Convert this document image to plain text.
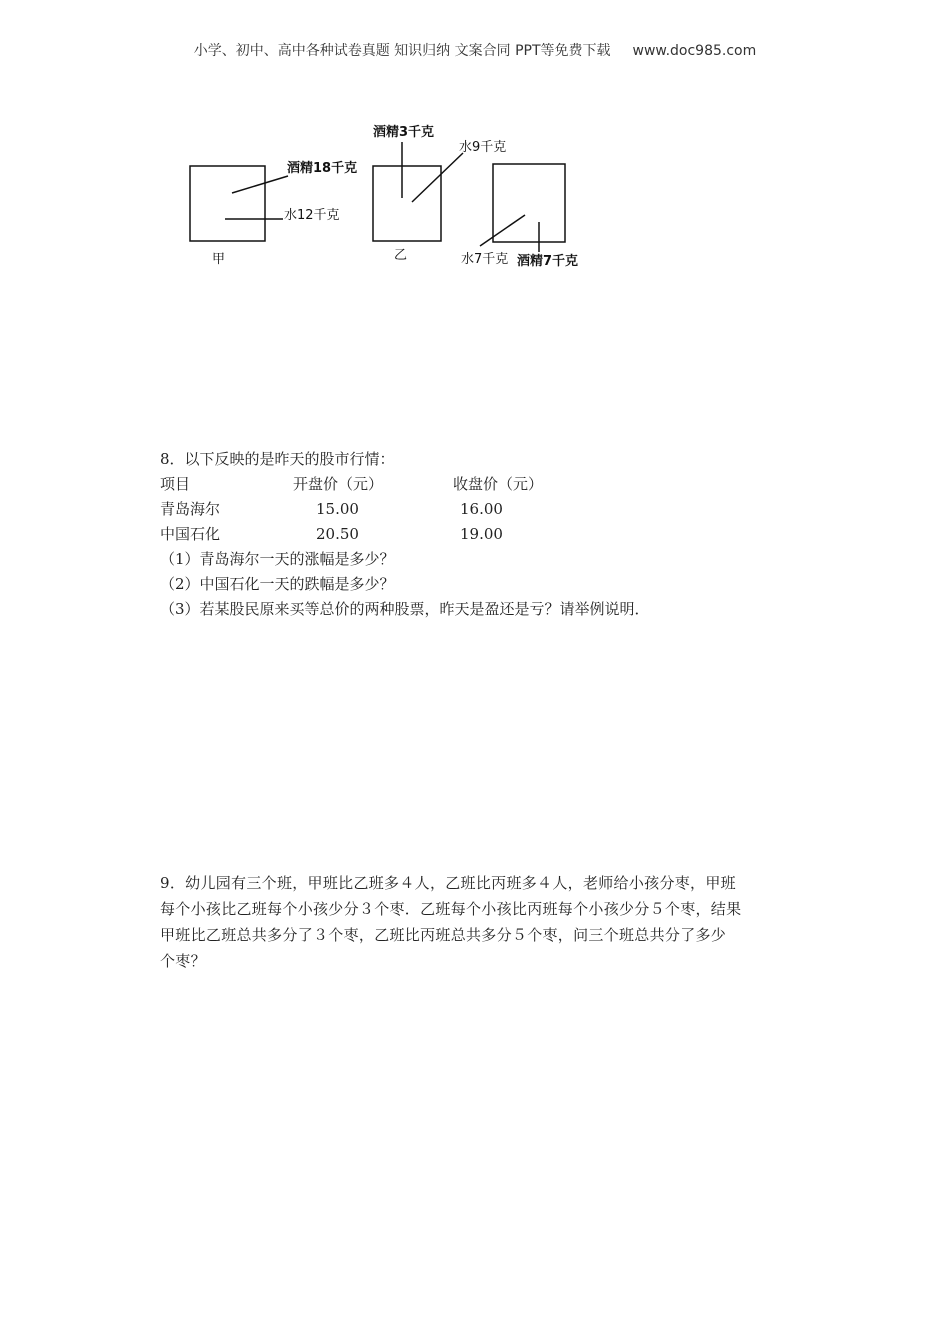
小学、初中、高中各种试卷真题 知识归纳 文案合同 PPT等免费下载 www.doc985.com
酒精18千克
水12千克
甲
酒精3千克
水9千克
乙	水7千克 酒精7千克
8．以下反映的是昨天的股市行情：
项目	开盘价（元）	收盘价（元）
青岛海尔	15.00	16.00
中国石化	20.50	19.00
（1）青岛海尔一天的涨幅是多少？
（2）中国石化一天的跌幅是多少？
（3）若某股民原来买等总价的两种股票，昨天是盈还是亏？请举例说明．

9．幼儿园有三个班，甲班比乙班多４人，乙班比丙班多４人，老师给小孩分枣，甲班

每个小孩比乙班每个小孩少分３个枣．乙班每个小孩比丙班每个小孩少分５个枣，结果

甲班比乙班总共多分了３个枣，乙班比丙班总共多分５个枣，问三个班总共分了多少

个枣？
